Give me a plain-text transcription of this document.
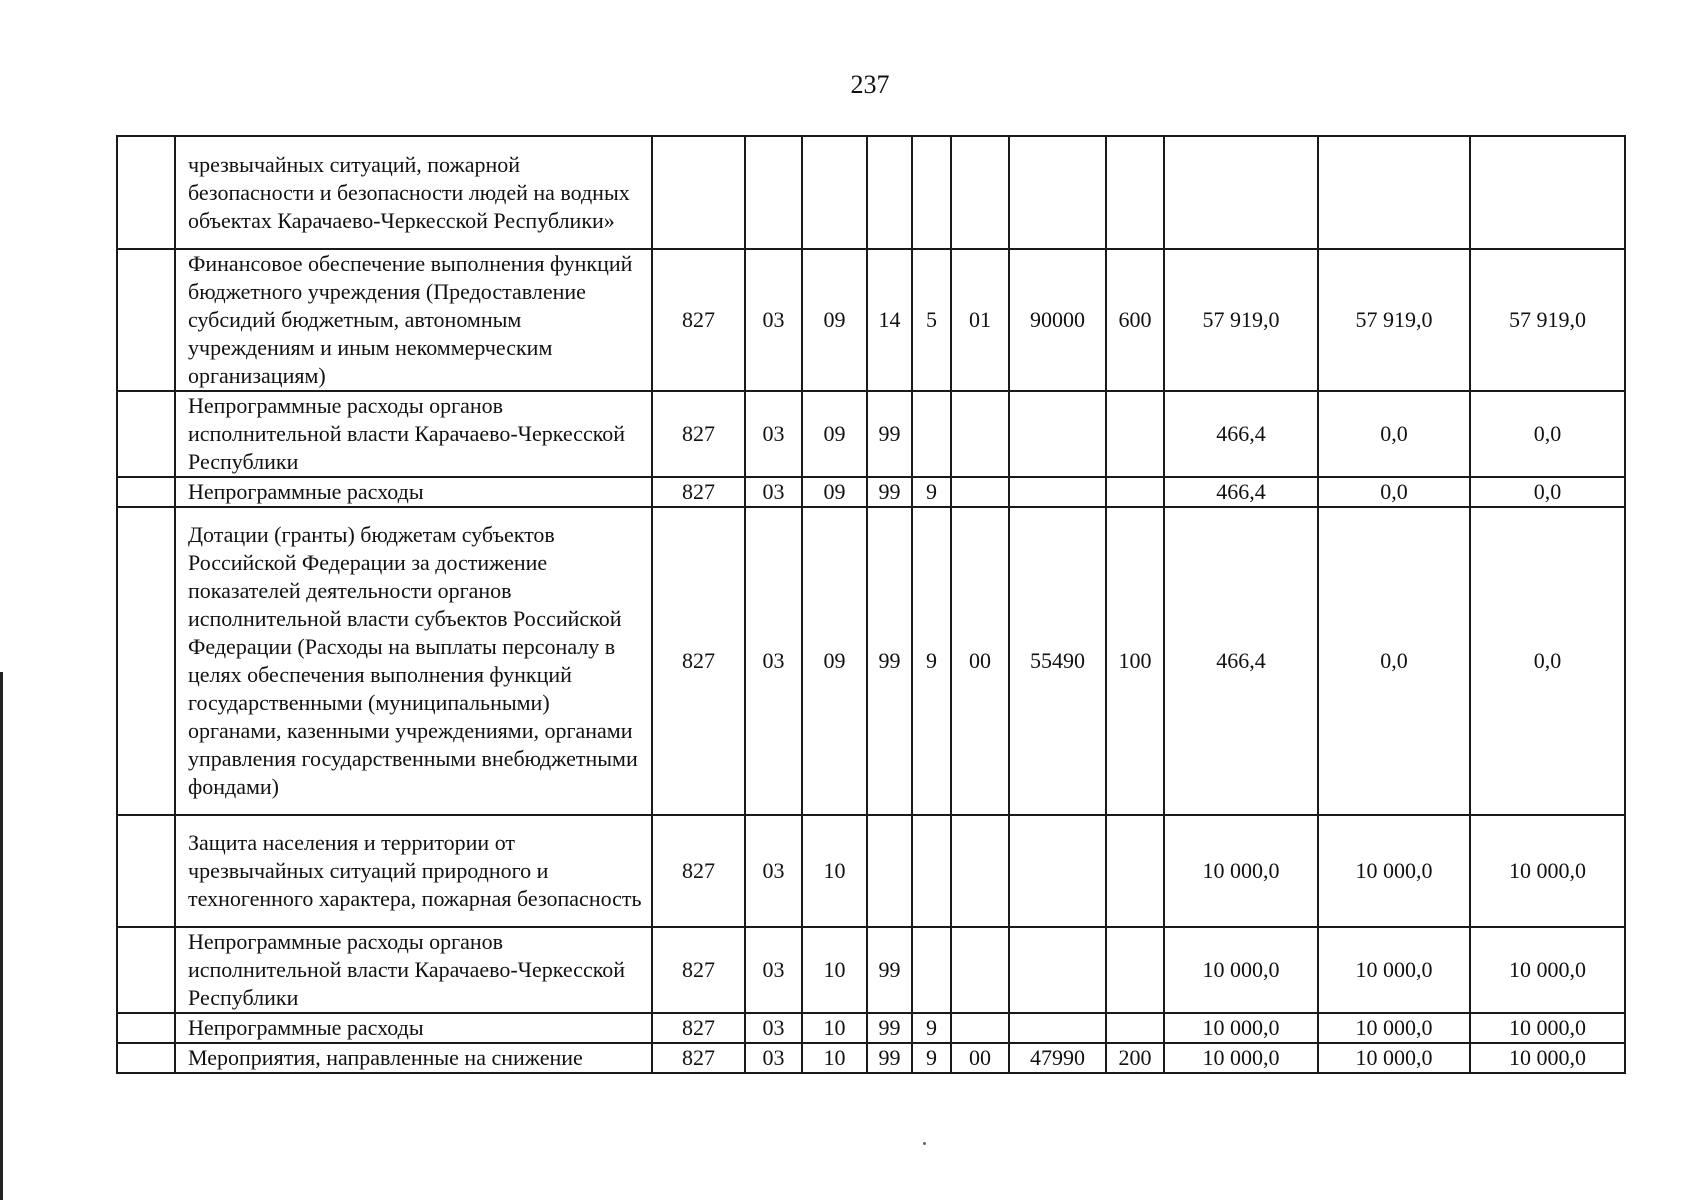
237
	чрезвычайных ситуаций, пожарной безопасности и безопасности людей на водных объектах Карачаево-Черкесской Республики»											
	Финансовое обеспечение выполнения функций бюджетного учреждения (Предоставление субсидий бюджетным, автономным учреждениям и иным некоммерческим организациям)	827	03	09	14	5	01	90000	600	57 919,0	57 919,0	57 919,0
	Непрограммные расходы органов исполнительной власти Карачаево-Черкесской Республики	827	03	09	99					466,4	0,0	0,0
	Непрограммные расходы	827	03	09	99	9				466,4	0,0	0,0
	Дотации (гранты) бюджетам субъектов Российской Федерации за достижение показателей деятельности органов исполнительной власти субъектов Российской Федерации (Расходы на выплаты персоналу в целях обеспечения выполнения функций государственными (муниципальными) органами, казенными учреждениями, органами управления государственными внебюджетными фондами)	827	03	09	99	9	00	55490	100	466,4	0,0	0,0
	Защита населения и территории от чрезвычайных ситуаций природного и техногенного характера, пожарная безопасность	827	03	10						10 000,0	10 000,0	10 000,0
	Непрограммные расходы органов исполнительной власти Карачаево-Черкесской Республики	827	03	10	99					10 000,0	10 000,0	10 000,0
	Непрограммные расходы	827	03	10	99	9				10 000,0	10 000,0	10 000,0
	Мероприятия, направленные на снижение	827	03	10	99	9	00	47990	200	10 000,0	10 000,0	10 000,0
